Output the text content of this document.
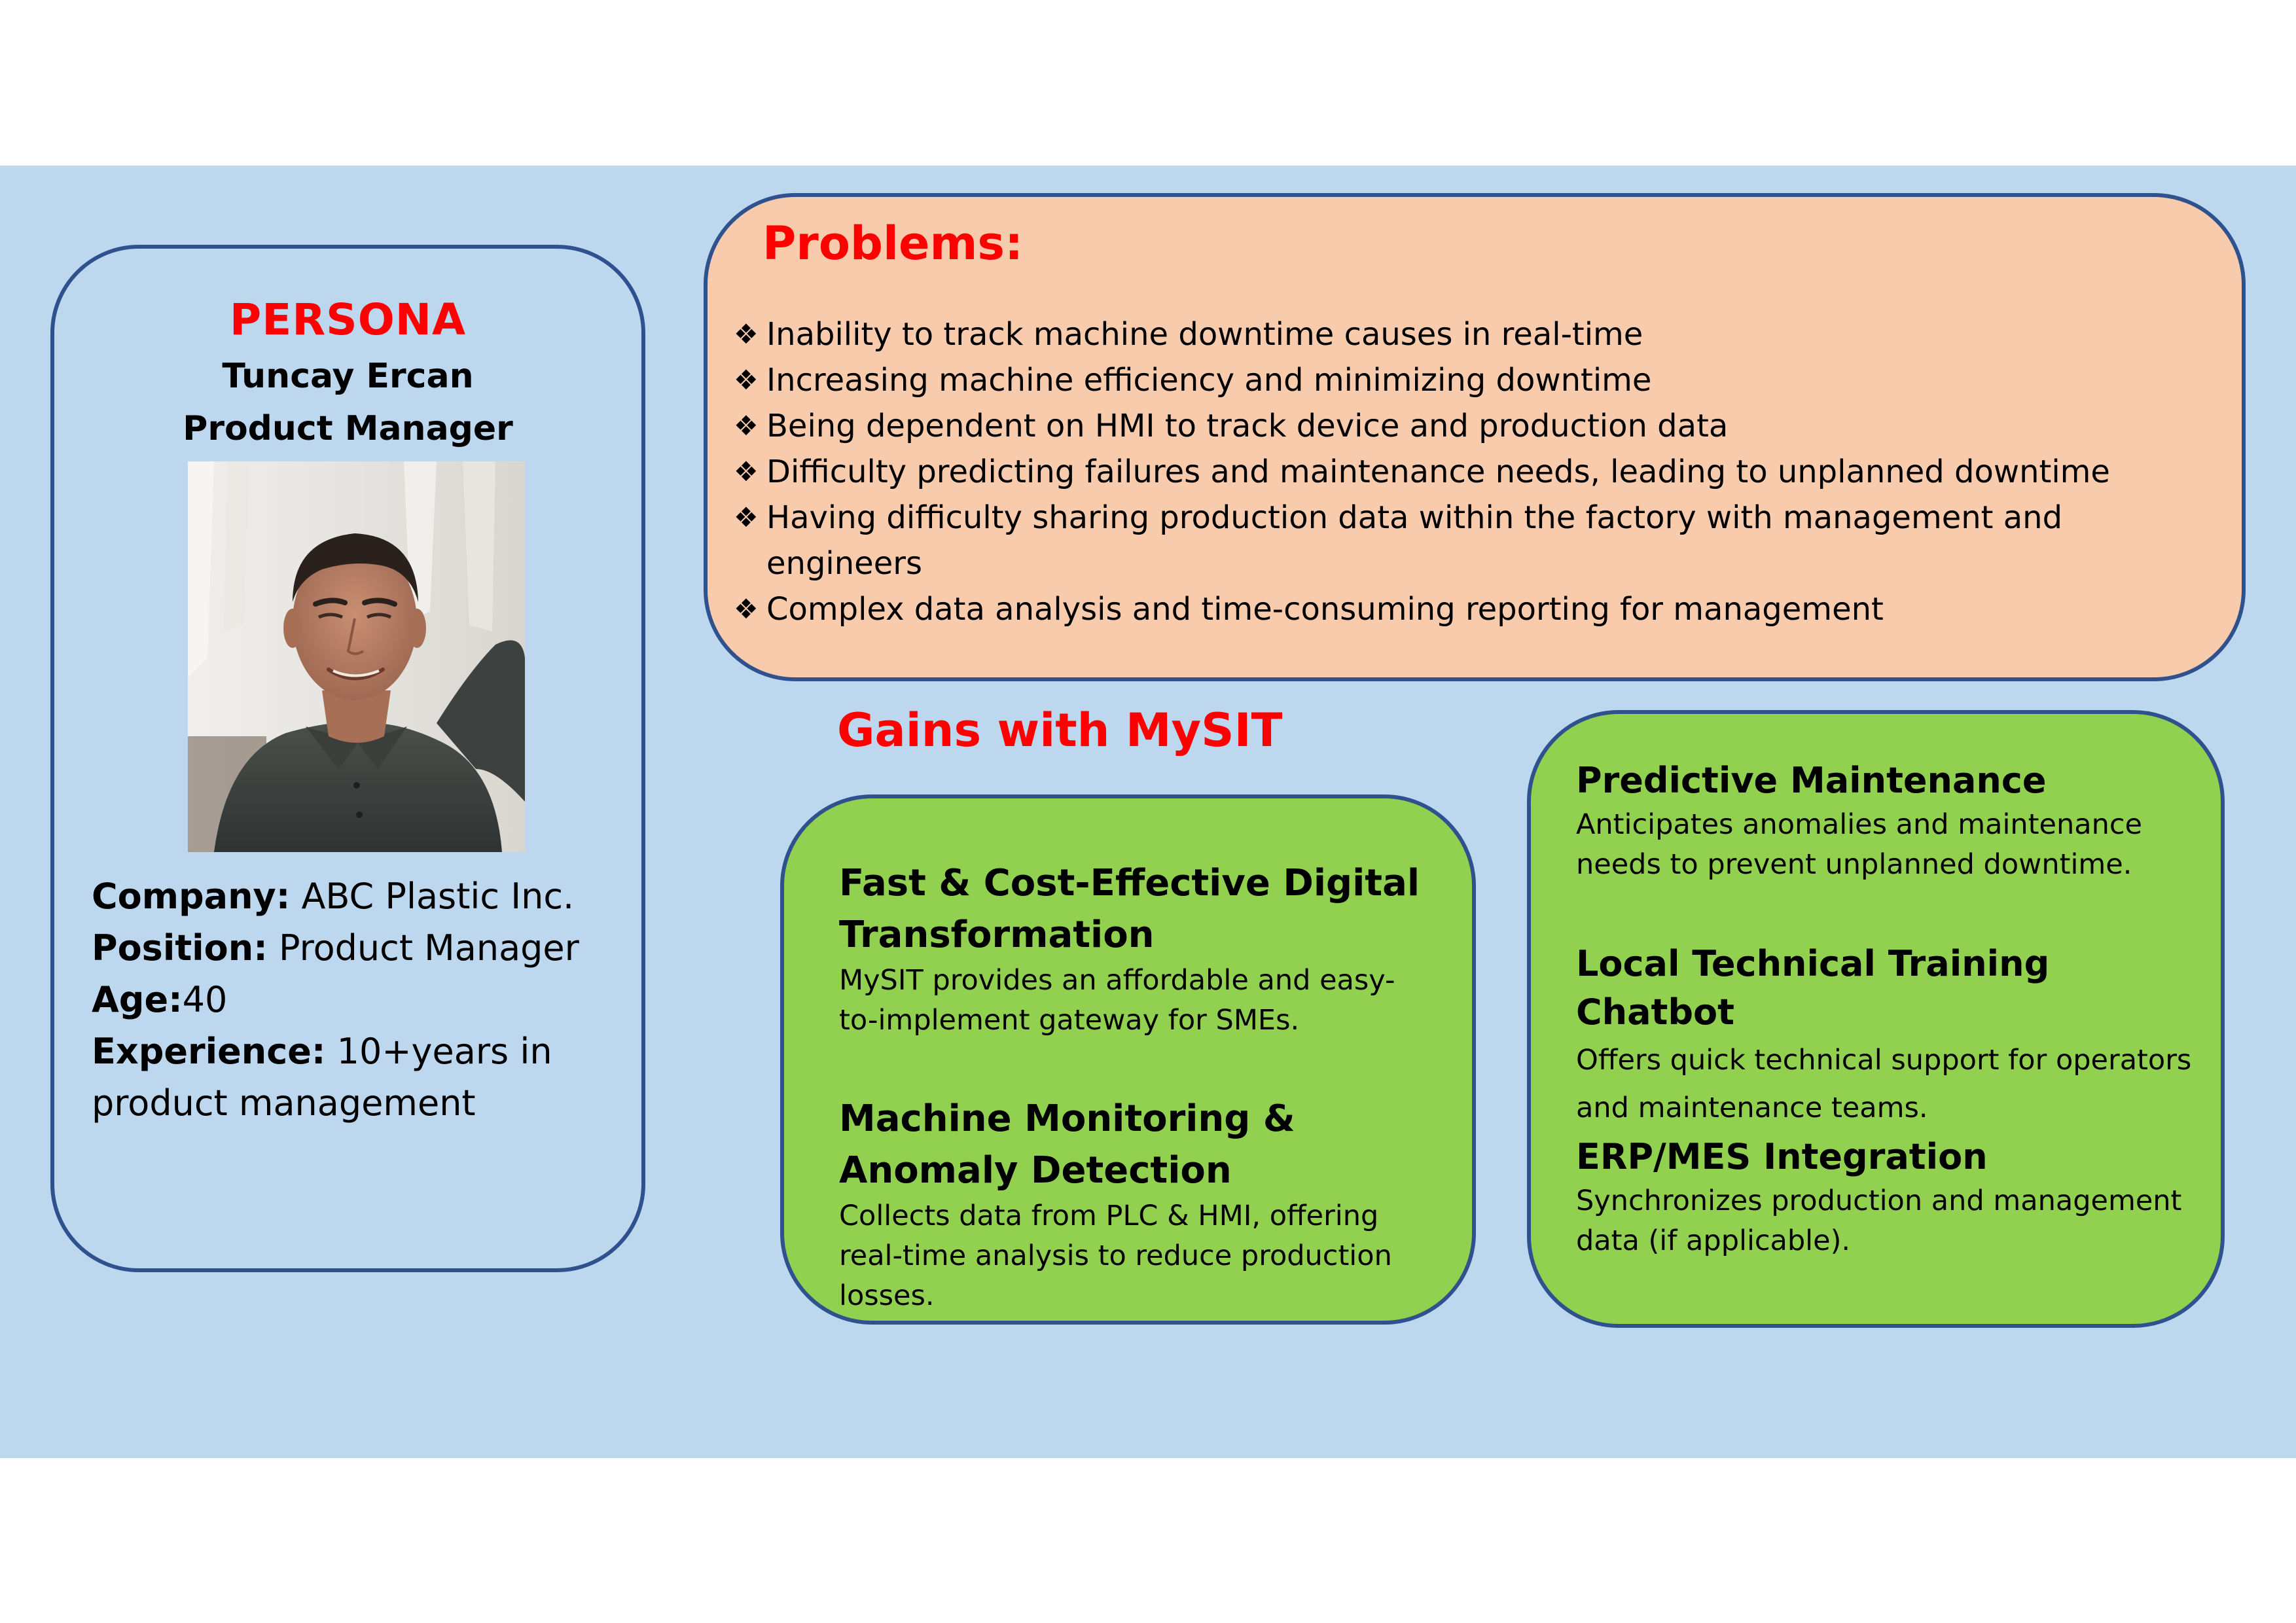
PERSONA
Tuncay Ercan
Product Manager
Company: ABC Plastic Inc.
Position: Product Manager
Age:40
Experience: 10+years in product management
Problems:
❖ Inability to track machine downtime causes in real-time
❖ Increasing machine efficiency and minimizing downtime
❖ Being dependent on HMI to track device and production data
❖ Difficulty predicting failures and maintenance needs, leading to unplanned downtime
❖ Having difficulty sharing production data within the factory with management and engineers
❖ Complex data analysis and time-consuming reporting for management
Gains with MySIT
Fast & Cost-Effective Digital Transformation
MySIT provides an affordable and easy-to-implement gateway for SMEs.
Machine Monitoring & Anomaly Detection
Collects data from PLC & HMI, offering real-time analysis to reduce production losses.
Predictive Maintenance
Anticipates anomalies and maintenance needs to prevent unplanned downtime.
Local Technical Training Chatbot
Offers quick technical support for operators and maintenance teams.
ERP/MES Integration
Synchronizes production and management data (if applicable).
